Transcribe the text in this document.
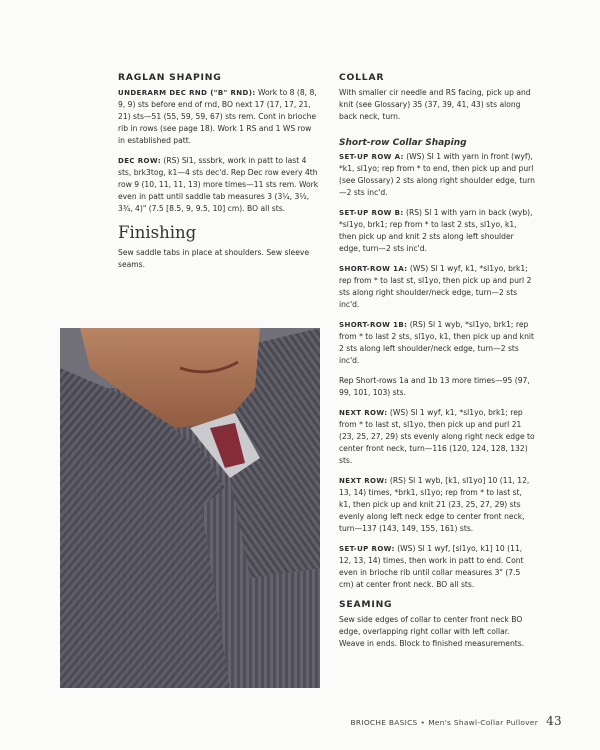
RAGLAN SHAPING

UNDERARM DEC RND ("B" RND): Work to 8 (8, 8, 9, 9) sts before end of rnd, BO next 17 (17, 17, 21, 21) sts—51 (55, 59, 59, 67) sts rem. Cont in brioche rib in rows (see page 18). Work 1 RS and 1 WS row in established patt.

DEC ROW: (RS) Sl1, sssbrk, work in patt to last 4 sts, brk3tog, k1—4 sts dec'd. Rep Dec row every 4th row 9 (10, 11, 11, 13) more times—11 sts rem. Work even in patt until saddle tab measures 3 (3¼, 3½, 3¾, 4)" (7.5 [8.5, 9, 9.5, 10] cm). BO all sts.

Finishing

Sew saddle tabs in place at shoulders. Sew sleeve seams.

COLLAR

With smaller cir needle and RS facing, pick up and knit (see Glossary) 35 (37, 39, 41, 43) sts along back neck, turn.

Short-row Collar Shaping

SET-UP ROW A: (WS) Sl 1 with yarn in front (wyf), *k1, sl1yo; rep from * to end, then pick up and purl (see Glossary) 2 sts along right shoulder edge, turn—2 sts inc'd.

SET-UP ROW B: (RS) Sl 1 with yarn in back (wyb), *sl1yo, brk1; rep from * to last 2 sts, sl1yo, k1, then pick up and knit 2 sts along left shoulder edge, turn—2 sts inc'd.

SHORT-ROW 1A: (WS) Sl 1 wyf, k1, *sl1yo, brk1; rep from * to last st, sl1yo, then pick up and purl 2 sts along right shoulder/neck edge, turn—2 sts inc'd.

SHORT-ROW 1B: (RS) Sl 1 wyb, *sl1yo, brk1; rep from * to last 2 sts, sl1yo, k1, then pick up and knit 2 sts along left shoulder/neck edge, turn—2 sts inc'd.

Rep Short-rows 1a and 1b 13 more times—95 (97, 99, 101, 103) sts.

NEXT ROW: (WS) Sl 1 wyf, k1, *sl1yo, brk1; rep from * to last st, sl1yo, then pick up and purl 21 (23, 25, 27, 29) sts evenly along right neck edge to center front neck, turn—116 (120, 124, 128, 132) sts.

NEXT ROW: (RS) Sl 1 wyb, [k1, sl1yo] 10 (11, 12, 13, 14) times, *brk1, sl1yo; rep from * to last st, k1, then pick up and knit 21 (23, 25, 27, 29) sts evenly along left neck edge to center front neck, turn—137 (143, 149, 155, 161) sts.

SET-UP ROW: (WS) Sl 1 wyf, [sl1yo, k1] 10 (11, 12, 13, 14) times, then work in patt to end. Cont even in brioche rib until collar measures 3" (7.5 cm) at center front neck. BO all sts.

SEAMING

Sew side edges of collar to center front neck BO edge, overlapping right collar with left collar. Weave in ends. Block to finished measurements.

BRIOCHE BASICS • Men's Shawl-Collar Pullover 43
